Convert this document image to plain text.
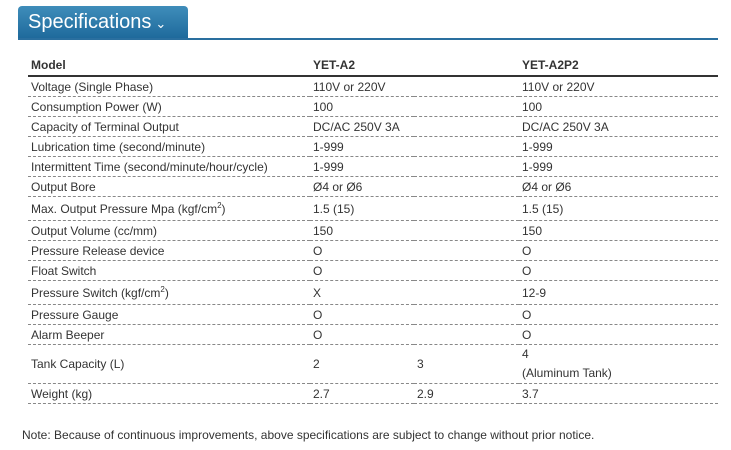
Specifications ⌄
Model	YET-A2		YET-A2P2
Voltage (Single Phase)	110V or 220V		110V or 220V
Consumption Power (W)	100		100
Capacity of Terminal Output	DC/AC 250V 3A		DC/AC 250V 3A
Lubrication time (second/minute)	1-999		1-999
Intermittent Time (second/minute/hour/cycle)	1-999		1-999
Output Bore	Ø4 or Ø6		Ø4 or Ø6
Max. Output Pressure Mpa $(kgf/cm^2)$	1.5 (15)		1.5 (15)
Output Volume (cc/mm)	150		150
Pressure Release device	O		O
Float Switch	O		O
Pressure Switch $(kgf/cm^2)$	X		12-9
Pressure Gauge	O		O
Alarm Beeper	O		O
Tank Capacity (L)	2	3	4
(Aluminum Tank)

Weight (kg)	2.7	2.9	3.7
Note: Because of continuous improvements, above specifications are subject to change without prior notice.
